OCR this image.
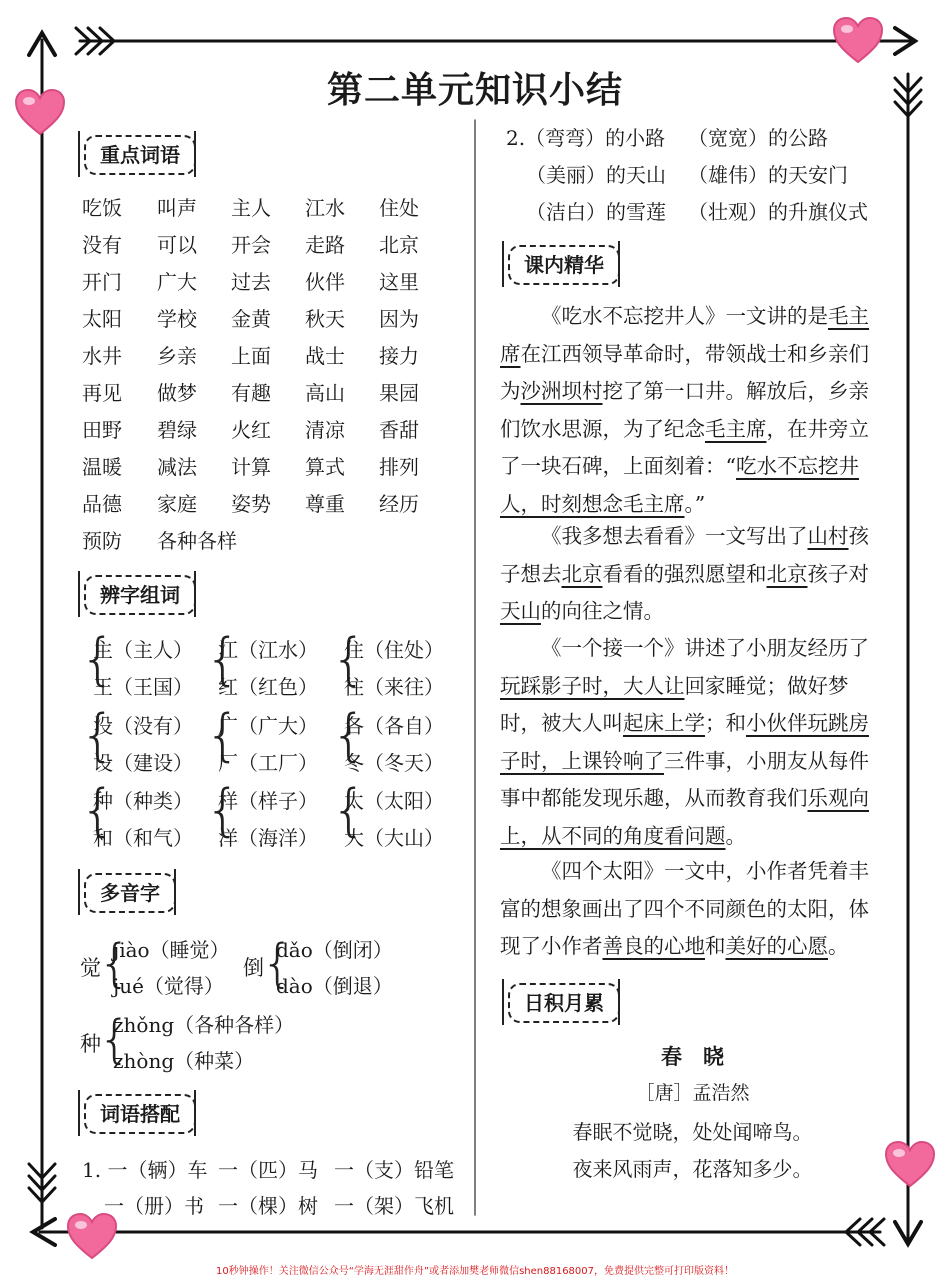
第二单元知识小结
重点词语
辨字组词
多音字
词语搭配
课内精华
日积月累
吃饭 叫声 主人 江水 住处
没有 可以 开会 走路 北京
开门 广大 过去 伙伴 这里
太阳 学校 金黄 秋天 因为
水井 乡亲 上面 战士 接力
再见 做梦 有趣 高山 果园
田野 碧绿 火红 清凉 香甜
温暖 减法 计算 算式 排列
品德 家庭 姿势 尊重 经历
预防 各种各样
{
主（主人）
王（王国） {
江（江水）
红（红色） {
住（住处）
往（来往）
{
没（没有）
设（建设） {
广（广大）
厂（工厂） {
各（各自）
冬（冬天）
{
种（种类）
和（和气） {
样（样子）
洋（海洋） {
太（太阳）
大（大山）
觉
{
jiào（睡觉）
jué（觉得）
倒
{
dǎo（倒闭）
dào（倒退）
种
{
zhǒng（各种各样）
zhòng（种菜）
1. 一（辆）车 一（匹）马 一（支）铅笔
一（册）书 一（棵）树 一（架）飞机
2.（弯弯）的小路 （宽宽）的公路
（美丽）的天山 （雄伟）的天安门
（洁白）的雪莲 （壮观）的升旗仪式
《吃水不忘挖井人》一文讲的是毛主席在江西领导革命时，带领战士和乡亲们为沙洲坝村挖了第一口井。解放后，乡亲们饮水思源，为了纪念毛主席，在井旁立了一块石碑，上面刻着：“吃水不忘挖井人，时刻想念毛主席。”
《我多想去看看》一文写出了山村孩子想去北京看看的强烈愿望和北京孩子对天山的向往之情。
《一个接一个》讲述了小朋友经历了玩踩影子时，大人让回家睡觉；做好梦时，被大人叫起床上学；和小伙伴玩跳房子时，上课铃响了三件事，小朋友从每件事中都能发现乐趣，从而教育我们乐观向上，从不同的角度看问题。
《四个太阳》一文中，小作者凭着丰富的想象画出了四个不同颜色的太阳，体现了小作者善良的心地和美好的心愿。
春　晓
［唐］孟浩然
春眠不觉晓，处处闻啼鸟。
夜来风雨声，花落知多少。
10秒钟操作！关注微信公众号“学海无涯甜作舟”或者添加樊老师微信shen88168007，免费提供完整可打印版资料！
